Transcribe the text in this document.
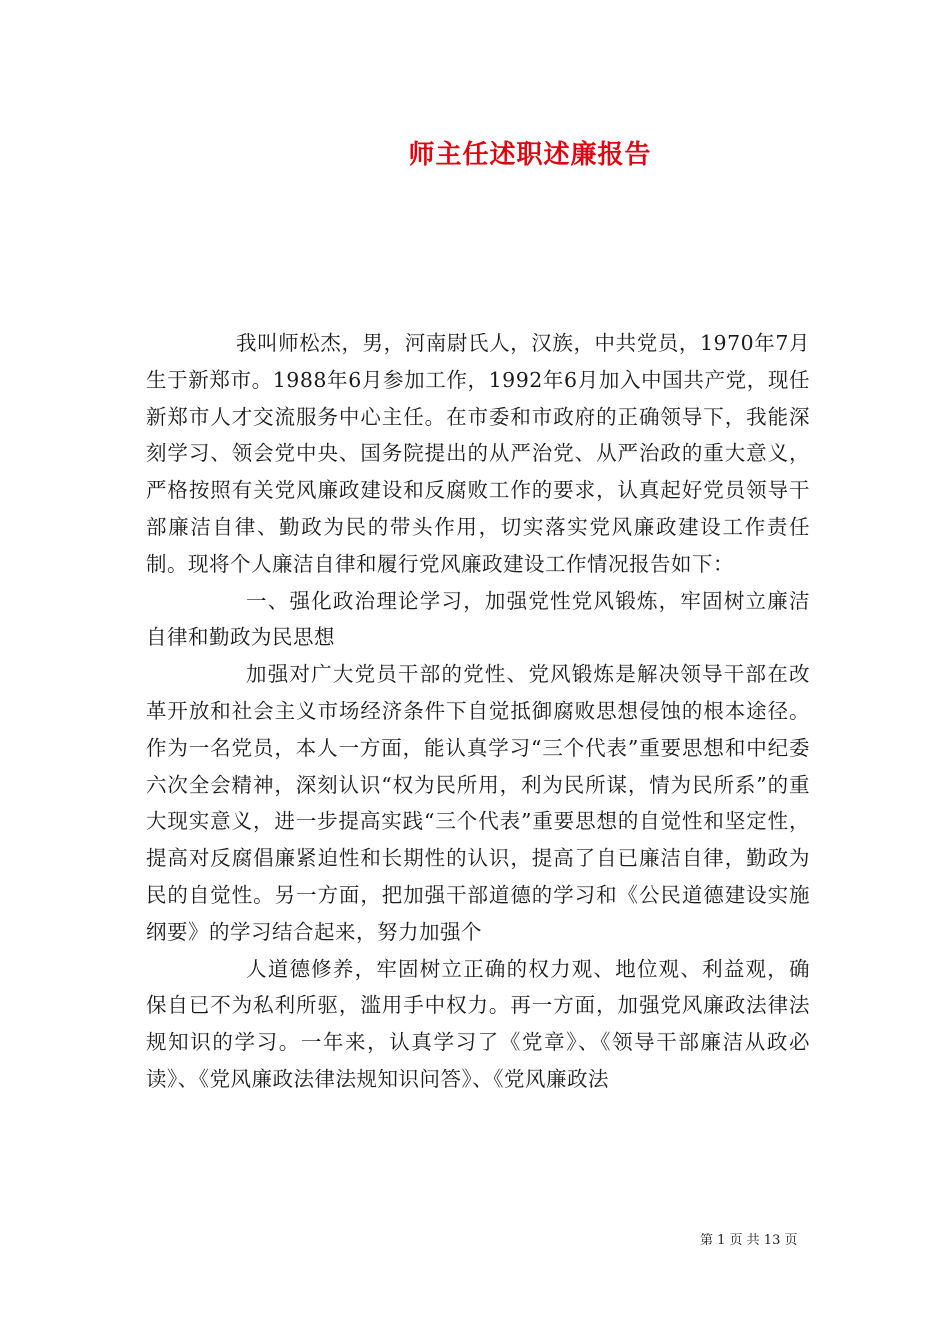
师主任述职述廉报告

我叫师松杰，男，河南尉氏人，汉族，中共党员，1970年7月生于新郑市。1988年6月参加工作，1992年6月加入中国共产党，现任新郑市人才交流服务中心主任。在市委和市政府的正确领导下，我能深刻学习、领会党中央、国务院提出的从严治党、从严治政的重大意义，严格按照有关党风廉政建设和反腐败工作的要求，认真起好党员领导干部廉洁自律、勤政为民的带头作用，切实落实党风廉政建设工作责任制。现将个人廉洁自律和履行党风廉政建设工作情况报告如下：

一、强化政治理论学习，加强党性党风锻炼，牢固树立廉洁自律和勤政为民思想

加强对广大党员干部的党性、党风锻炼是解决领导干部在改革开放和社会主义市场经济条件下自觉抵御腐败思想侵蚀的根本途径。作为一名党员，本人一方面，能认真学习“三个代表”重要思想和中纪委六次全会精神，深刻认识“权为民所用，利为民所谋，情为民所系”的重大现实意义，进一步提高实践“三个代表”重要思想的自觉性和坚定性，提高对反腐倡廉紧迫性和长期性的认识，提高了自已廉洁自律，勤政为民的自觉性。另一方面，把加强干部道德的学习和《公民道德建设实施纲要》的学习结合起来，努力加强个

人道德修养，牢固树立正确的权力观、地位观、利益观，确保自已不为私利所驱，滥用手中权力。再一方面，加强党风廉政法律法规知识的学习。一年来，认真学习了《党章》、《领导干部廉洁从政必读》、《党风廉政法律法规知识问答》、《党风廉政法

第 1 页 共 13 页
